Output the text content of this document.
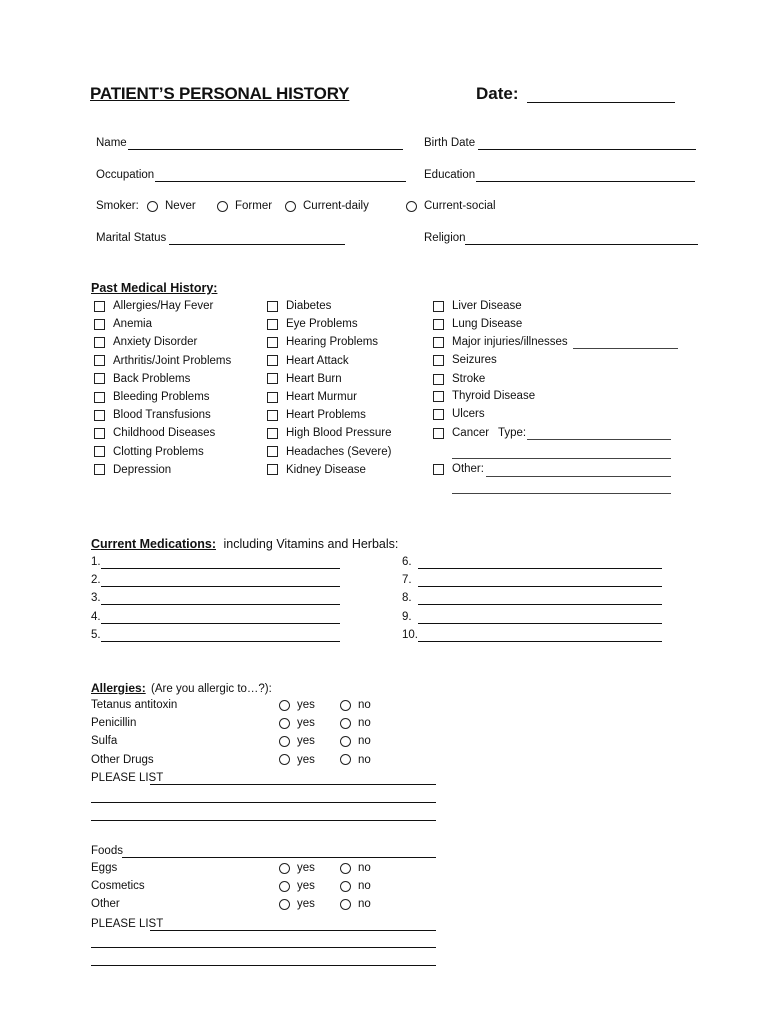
PATIENT’S PERSONAL HISTORY	Date:
Name	Birth Date
Occupation	Education
Smoker: Never	Former	Current-daily	Current-social
Marital Status	Religion
Past Medical History:
Allergies/Hay Fever
Anemia
Anxiety Disorder
Arthritis/Joint Problems
Back Problems
Bleeding Problems
Blood Transfusions
Childhood Diseases
Clotting Problems
Depression
Diabetes
Eye Problems
Hearing Problems
Heart Attack
Heart Burn
Heart Murmur
Heart Problems
High Blood Pressure
Headaches (Severe)
Kidney Disease
Liver Disease
Lung Disease
Major injuries/illnesses
Seizures
Stroke
Thyroid Disease
Ulcers
Cancer
Other:
Type:
Current Medications: including Vitamins and Herbals:
1.
2.
3.
4.
5.
6.
7.
8.
9.
10.
Allergies: (Are you allergic to…?):
Tetanus antitoxin	yes	no
Penicillin	yes	no
Sulfa	yes	no
Other Drugs	yes	no
PLEASE LIST
Foods
Eggs	yes	no
Cosmetics	yes	no
Other	yes	no
PLEASE LIST
